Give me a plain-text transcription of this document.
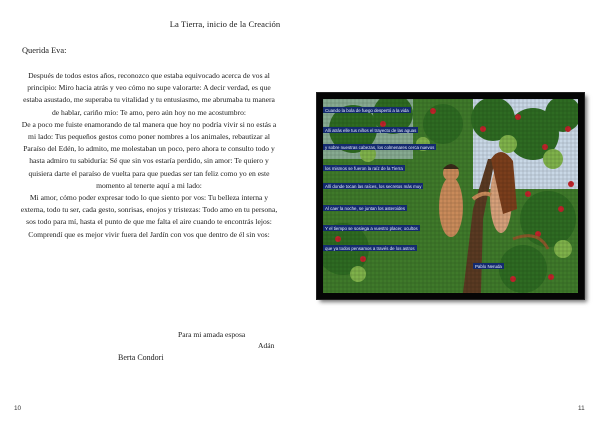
La Tierra, inicio de la Creación
Querida Eva:

Después de todos estos años, reconozco que estaba equivocado acerca de vos al principio: Miro hacia atrás y veo cómo no supe valorarte: A decir verdad, es que estaba asustado, me superaba tu vitalidad y tu entusiasmo, me abrumaba tu manera de hablar, cariño mío: Te amo, pero aún hoy no me acostumbro:

De a poco me fuiste enamorando de tal manera que hoy no podría vivir si no estás a mi lado: Tus pequeños gestos como poner nombres a los animales, rebautizar al Paraíso del Edén, lo admito, me molestaban un poco, pero ahora te consulto todo y hasta admiro tu sabiduría: Sé que sin vos estaría perdido, sin amor: Te quiero y quisiera darte el paraíso de vuelta para que puedas ser tan feliz como yo en este momento al tenerte aquí a mi lado:

Mi amor, cómo poder expresar todo lo que siento por vos: Tu belleza interna y externa, todo tu ser, cada gesto, sonrisas, enojos y tristezas: Todo amo en tu persona, sos todo para mí, hasta el punto de que me falta el aire cuando te encontrás lejos:

Comprendí que es mejor vivir fuera del Jardín con vos que dentro de él sin vos:

Para mi amada esposa
Adán
Berta Condori
10
Cuando la bola de fuego despertó a la vida
Alli atrás elle tus niños el trayecto de las aguas
y sobre nuestras cabezas, los colmenares cerca nuevos
los mismos se fueron la raíz de la Tierra
Allí donde tocan las raíces, los secretos más muy
Al caer la noche, se juntan los asteroides
Y el tiempo se sosiega a vuestro placer, ocultos
que ya todos pensamos a través de los astros
Pablo Neruda
11
